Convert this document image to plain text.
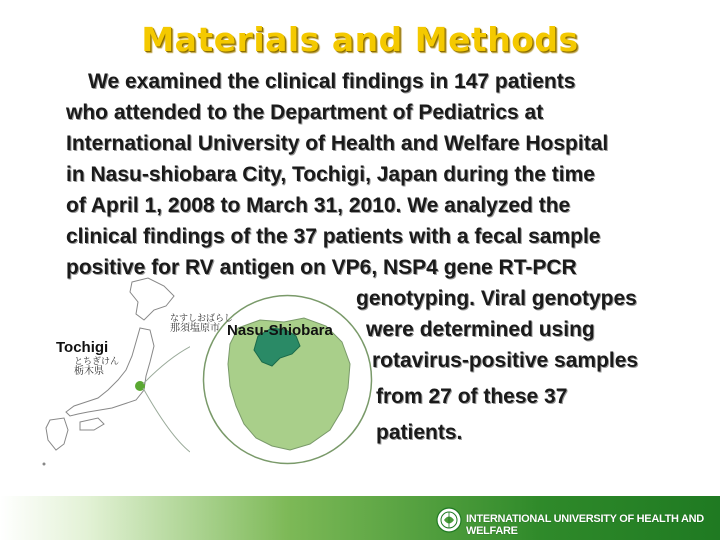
Materials and Methods
We examined the clinical findings in 147 patients
who attended to the Department of Pediatrics at
International University of Health and Welfare Hospital
in Nasu-shiobara City, Tochigi, Japan during the time
of April 1, 2008 to March 31, 2010. We analyzed the
clinical findings of the 37 patients with a fecal sample
positive for RV antigen on VP6, NSP4 gene RT-PCR
genotyping. Viral genotypes
were determined using
rotavirus-positive samples
from 27 of these 37
patients.
なすしおばらし
那須塩原市 Nasu-Shiobara
Tochigi
とちぎけん
栃木県
INTERNATIONAL UNIVERSITY OF HEALTH AND WELFARE
